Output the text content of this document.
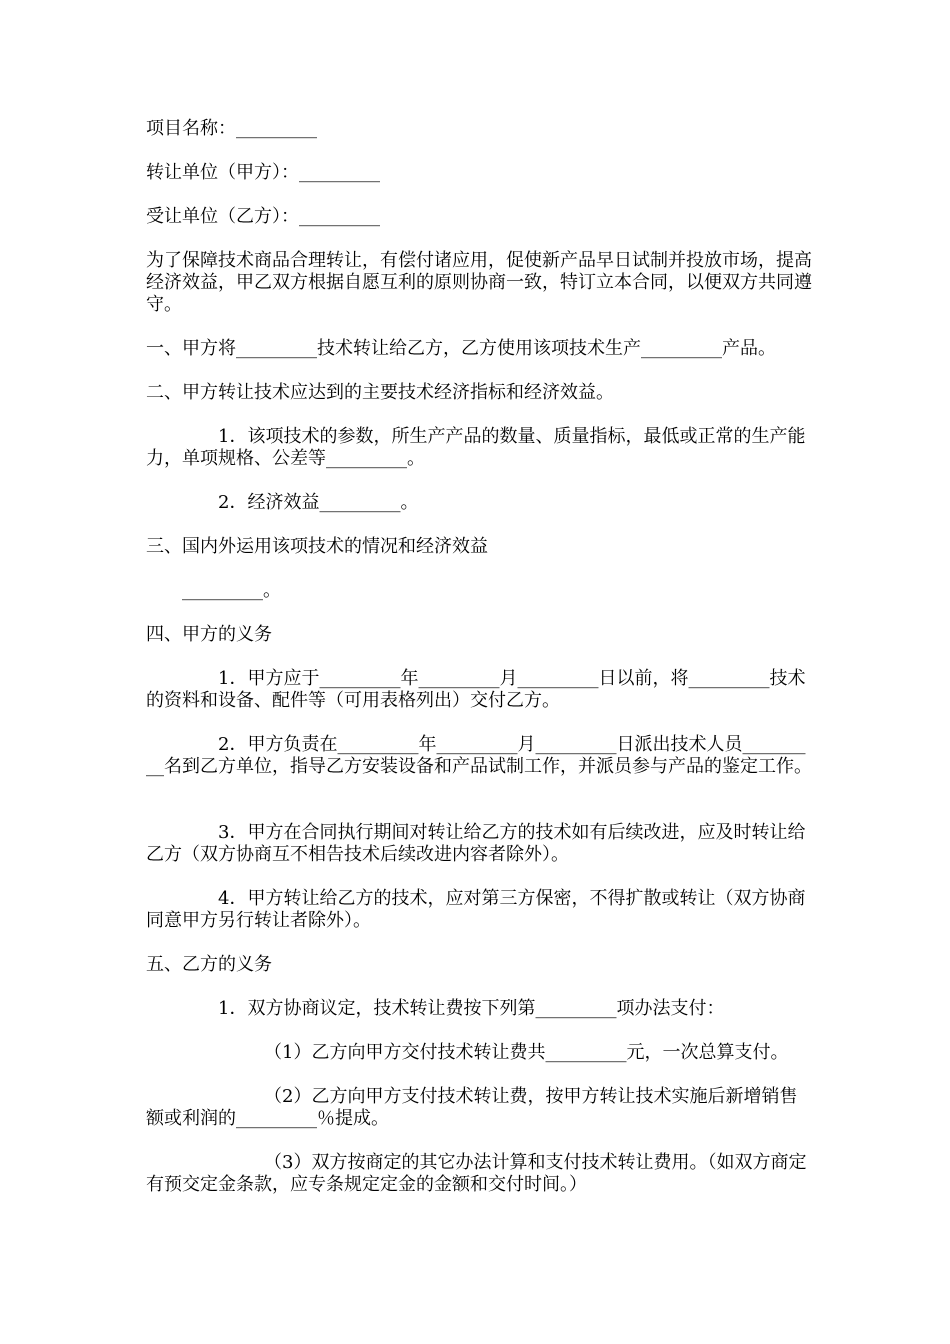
项目名称：_________

转让单位（甲方）：_________

受让单位（乙方）：_________

为了保障技术商品合理转让，有偿付诸应用，促使新产品早日试制并投放市场，提高经济效益，甲乙双方根据自愿互利的原则协商一致，特订立本合同，以便双方共同遵守。

一、甲方将_________技术转让给乙方，乙方使用该项技术生产_________产品。

二、甲方转让技术应达到的主要技术经济指标和经济效益。

1．该项技术的参数，所生产产品的数量、质量指标，最低或正常的生产能力，单项规格、公差等_________。

2．经济效益_________。

三、国内外运用该项技术的情况和经济效益

_________。

四、甲方的义务

1．甲方应于_________年_________月_________日以前，将_________技术的资料和设备、配件等（可用表格列出）交付乙方。

2．甲方负责在_________年_________月_________日派出技术人员_________名到乙方单位，指导乙方安装设备和产品试制工作，并派员参与产品的鉴定工作。

3．甲方在合同执行期间对转让给乙方的技术如有后续改进，应及时转让给乙方（双方协商互不相告技术后续改进内容者除外）。

4．甲方转让给乙方的技术，应对第三方保密，不得扩散或转让（双方协商同意甲方另行转让者除外）。

五、乙方的义务

1．双方协商议定，技术转让费按下列第_________项办法支付：

（1）乙方向甲方交付技术转让费共_________元，一次总算支付。

（2）乙方向甲方支付技术转让费，按甲方转让技术实施后新增销售额或利润的_________％提成。

（3）双方按商定的其它办法计算和支付技术转让费用。（如双方商定有预交定金条款，应专条规定定金的金额和交付时间。）
